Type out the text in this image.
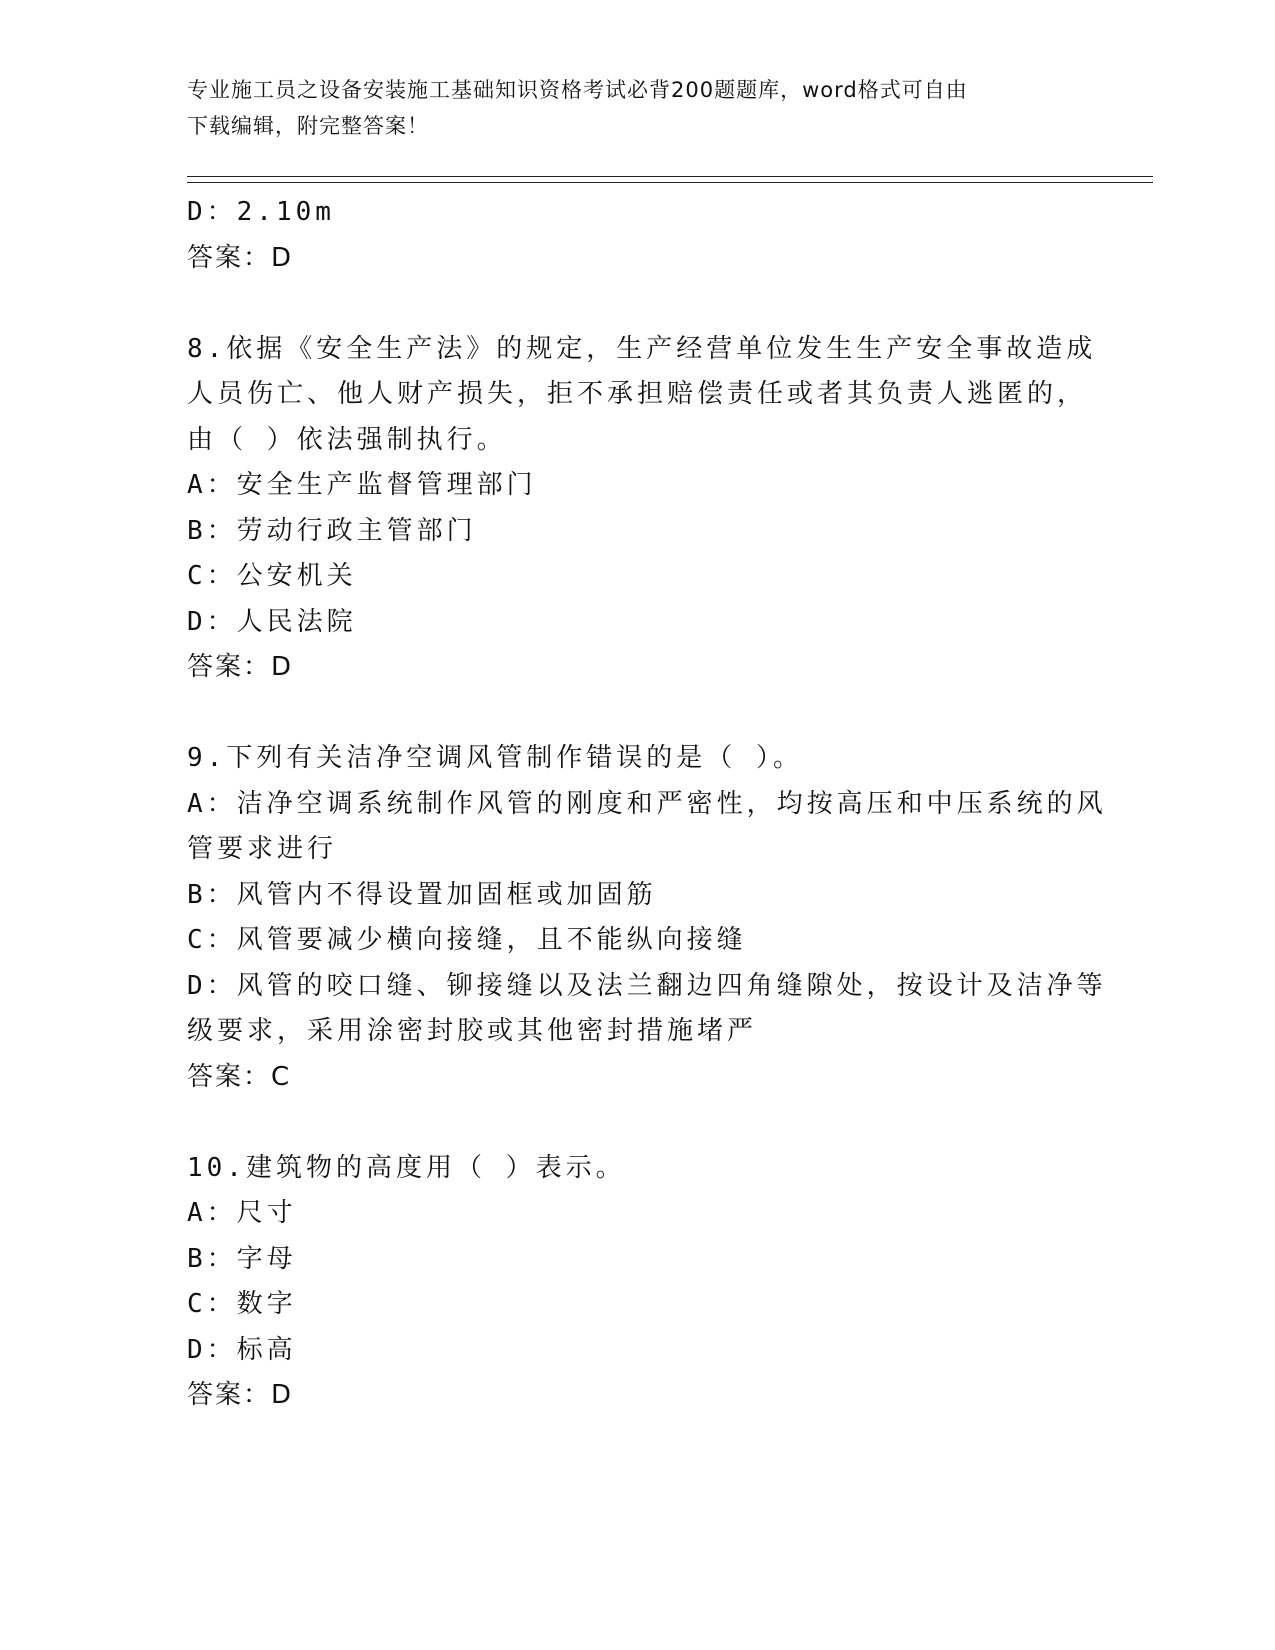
专业施工员之设备安装施工基础知识资格考试必背200题题库，word格式可自由
下载编辑，附完整答案！
D：2.10m
答案：D
8.依据《安全生产法》的规定，生产经营单位发生生产安全事故造成
人员伤亡、他人财产损失，拒不承担赔偿责任或者其负责人逃匿的，
由（ ）依法强制执行。
A：安全生产监督管理部门
B：劳动行政主管部门
C：公安机关
D：人民法院
答案：D
9.下列有关洁净空调风管制作错误的是（ ）。
A：洁净空调系统制作风管的刚度和严密性，均按高压和中压系统的风
管要求进行
B：风管内不得设置加固框或加固筋
C：风管要减少横向接缝，且不能纵向接缝
D：风管的咬口缝、铆接缝以及法兰翻边四角缝隙处，按设计及洁净等
级要求，采用涂密封胶或其他密封措施堵严
答案：C
10.建筑物的高度用（ ）表示。
A：尺寸
B：字母
C：数字
D：标高
答案：D
